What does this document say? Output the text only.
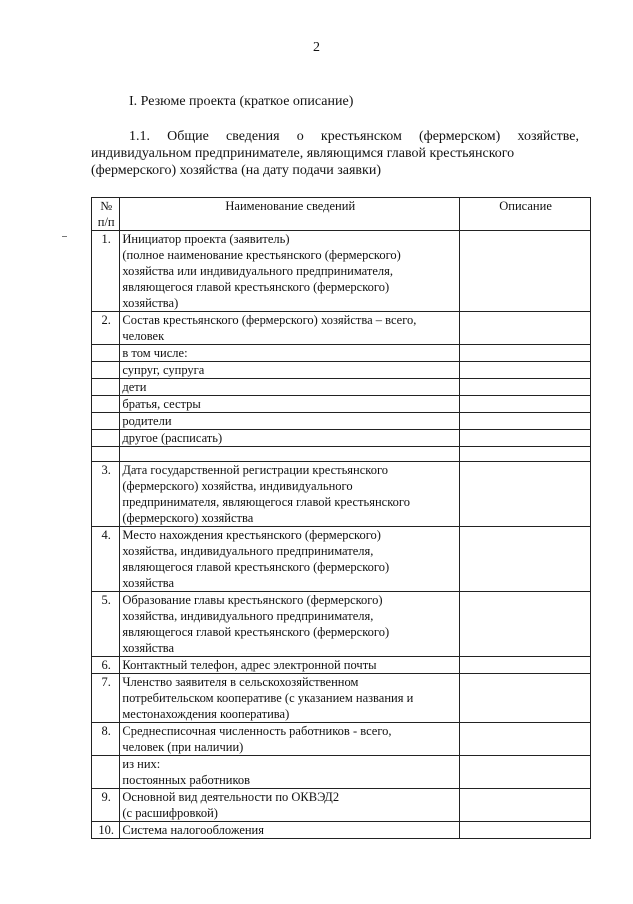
2
I. Резюме проекта (краткое описание)
1.1. Общие сведения о крестьянском (фермерском) хозяйстве,
индивидуальном предпринимателе, являющимся главой крестьянского
(фермерского) хозяйства (на дату подачи заявки)
№
п/п	Наименование сведений	Описание
1.	Инициатор проекта (заявитель)
(полное наименование крестьянского (фермерского)
хозяйства или индивидуального предпринимателя,
являющегося главой крестьянского (фермерского)
хозяйства)	
2.	Состав крестьянского (фермерского) хозяйства – всего,
человек	
	в том числе:	
	супруг, супруга	
	дети	
	братья, сестры	
	родители	
	другое (расписать)	

3.	Дата государственной регистрации крестьянского
(фермерского) хозяйства, индивидуального
предпринимателя, являющегося главой крестьянского
(фермерского) хозяйства	
4.	Место нахождения крестьянского (фермерского)
хозяйства, индивидуального предпринимателя,
являющегося главой крестьянского (фермерского)
хозяйства	
5.	Образование главы крестьянского (фермерского)
хозяйства, индивидуального предпринимателя,
являющегося главой крестьянского (фермерского)
хозяйства	
6.	Контактный телефон, адрес электронной почты	
7.	Членство заявителя в сельскохозяйственном
потребительском кооперативе (с указанием названия и
местонахождения кооператива)	
8.	Среднесписочная численность работников - всего,
человек (при наличии)	
	из них:
постоянных работников	
9.	Основной вид деятельности по ОКВЭД2
(с расшифровкой)	
10.	Система налогообложения	
